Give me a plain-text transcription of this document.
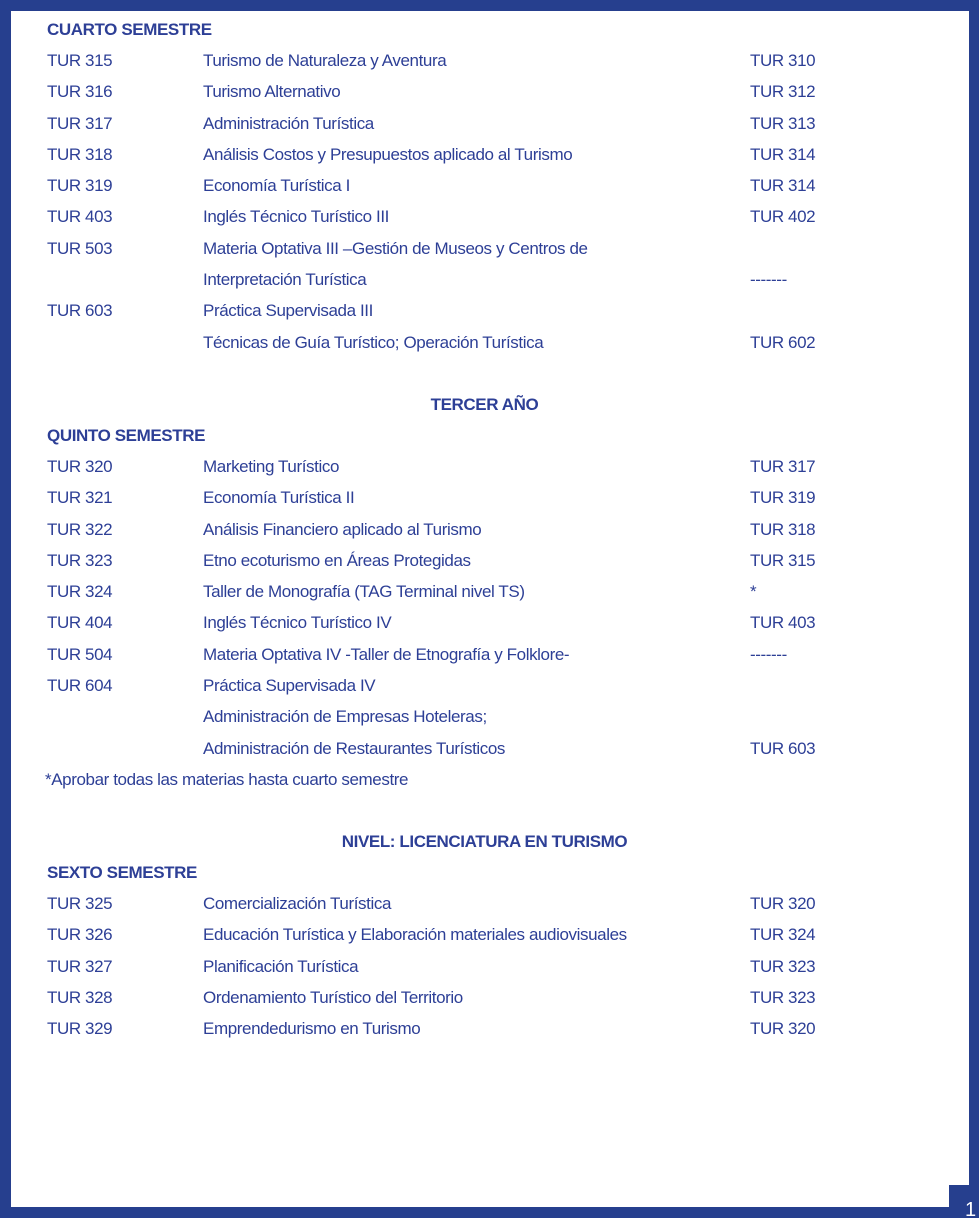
1
CUARTO SEMESTRE
TUR 315	Turismo de Naturaleza y Aventura	TUR 310
TUR 316	Turismo Alternativo	TUR 312
TUR 317	Administración Turística	TUR 313
TUR 318	Análisis Costos y Presupuestos aplicado al Turismo	TUR 314
TUR 319	Economía Turística I	TUR 314
TUR 403	Inglés Técnico Turístico III	TUR 402
TUR 503	Materia Optativa III –Gestión de Museos y Centros de
Interpretación Turística	-------
TUR 603	Práctica Supervisada III
Técnicas de Guía Turístico; Operación Turística	TUR 602
TERCER AÑO
QUINTO SEMESTRE
TUR 320	Marketing Turístico	TUR 317
TUR 321	Economía Turística II	TUR 319
TUR 322	Análisis Financiero aplicado al Turismo	TUR 318
TUR 323	Etno ecoturismo en Áreas Protegidas	TUR 315
TUR 324	Taller de Monografía (TAG Terminal nivel TS)	*
TUR 404	Inglés Técnico Turístico IV	TUR 403
TUR 504	Materia Optativa IV -Taller de Etnografía y Folklore-	-------
TUR 604	Práctica Supervisada IV
Administración de Empresas Hoteleras;
Administración de Restaurantes Turísticos	TUR 603
*Aprobar todas las materias hasta cuarto semestre
NIVEL: LICENCIATURA EN TURISMO
SEXTO SEMESTRE
TUR 325	Comercialización Turística	TUR 320
TUR 326	Educación Turística y Elaboración materiales audiovisuales	TUR 324
TUR 327	Planificación Turística	TUR 323
TUR 328	Ordenamiento Turístico del Territorio	TUR 323
TUR 329	Emprendedurismo en Turismo	TUR 320
